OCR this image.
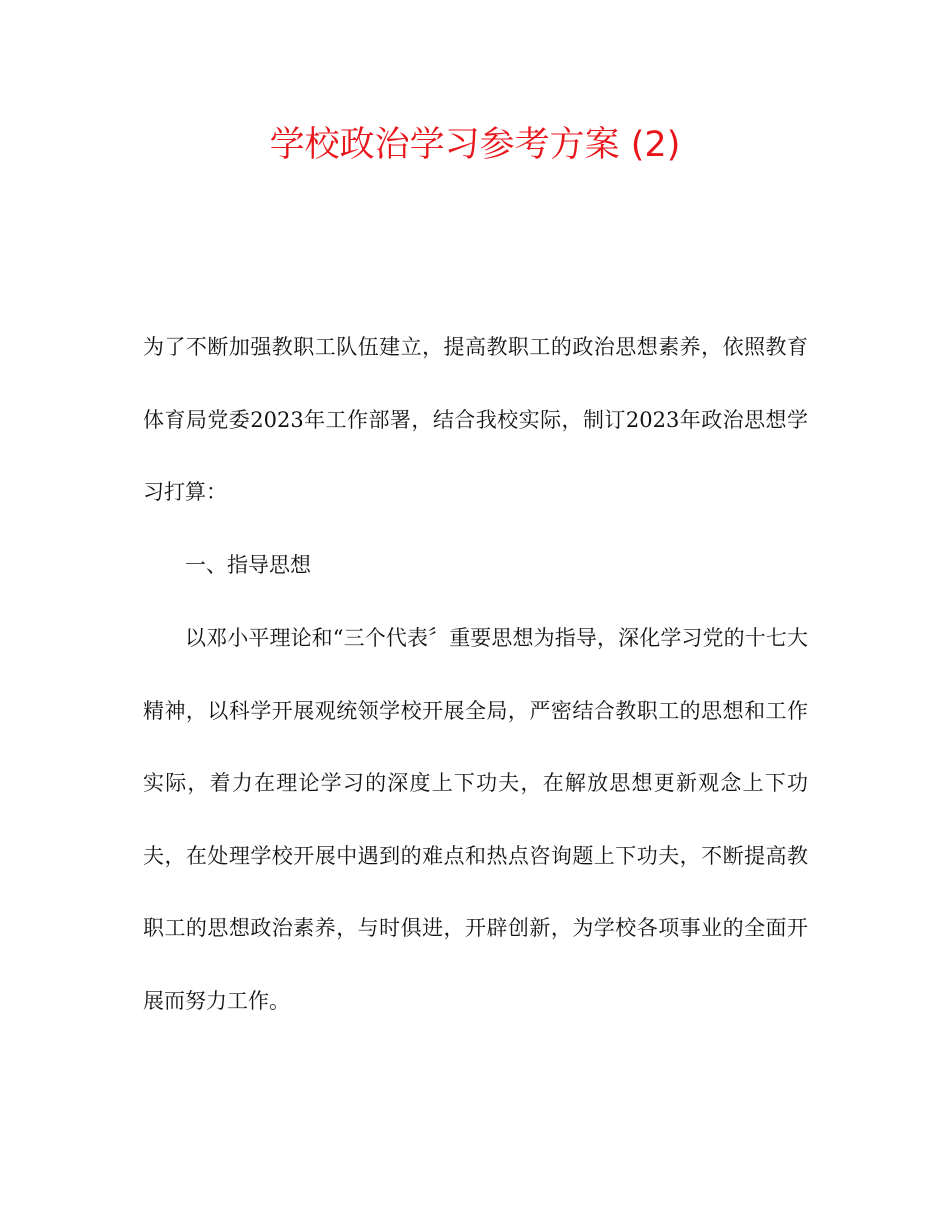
学校政治学习参考方案 (2)

为了不断加强教职工队伍建立，提高教职工的政治思想素养，依照教育体育局党委2023年工作部署，结合我校实际，制订2023年政治思想学习打算：

一、指导思想

以邓小平理论和“三个代表〞重要思想为指导，深化学习党的十七大精神，以科学开展观统领学校开展全局，严密结合教职工的思想和工作实际，着力在理论学习的深度上下功夫，在解放思想更新观念上下功夫，在处理学校开展中遇到的难点和热点咨询题上下功夫，不断提高教职工的思想政治素养，与时俱进，开辟创新，为学校各项事业的全面开展而努力工作。
